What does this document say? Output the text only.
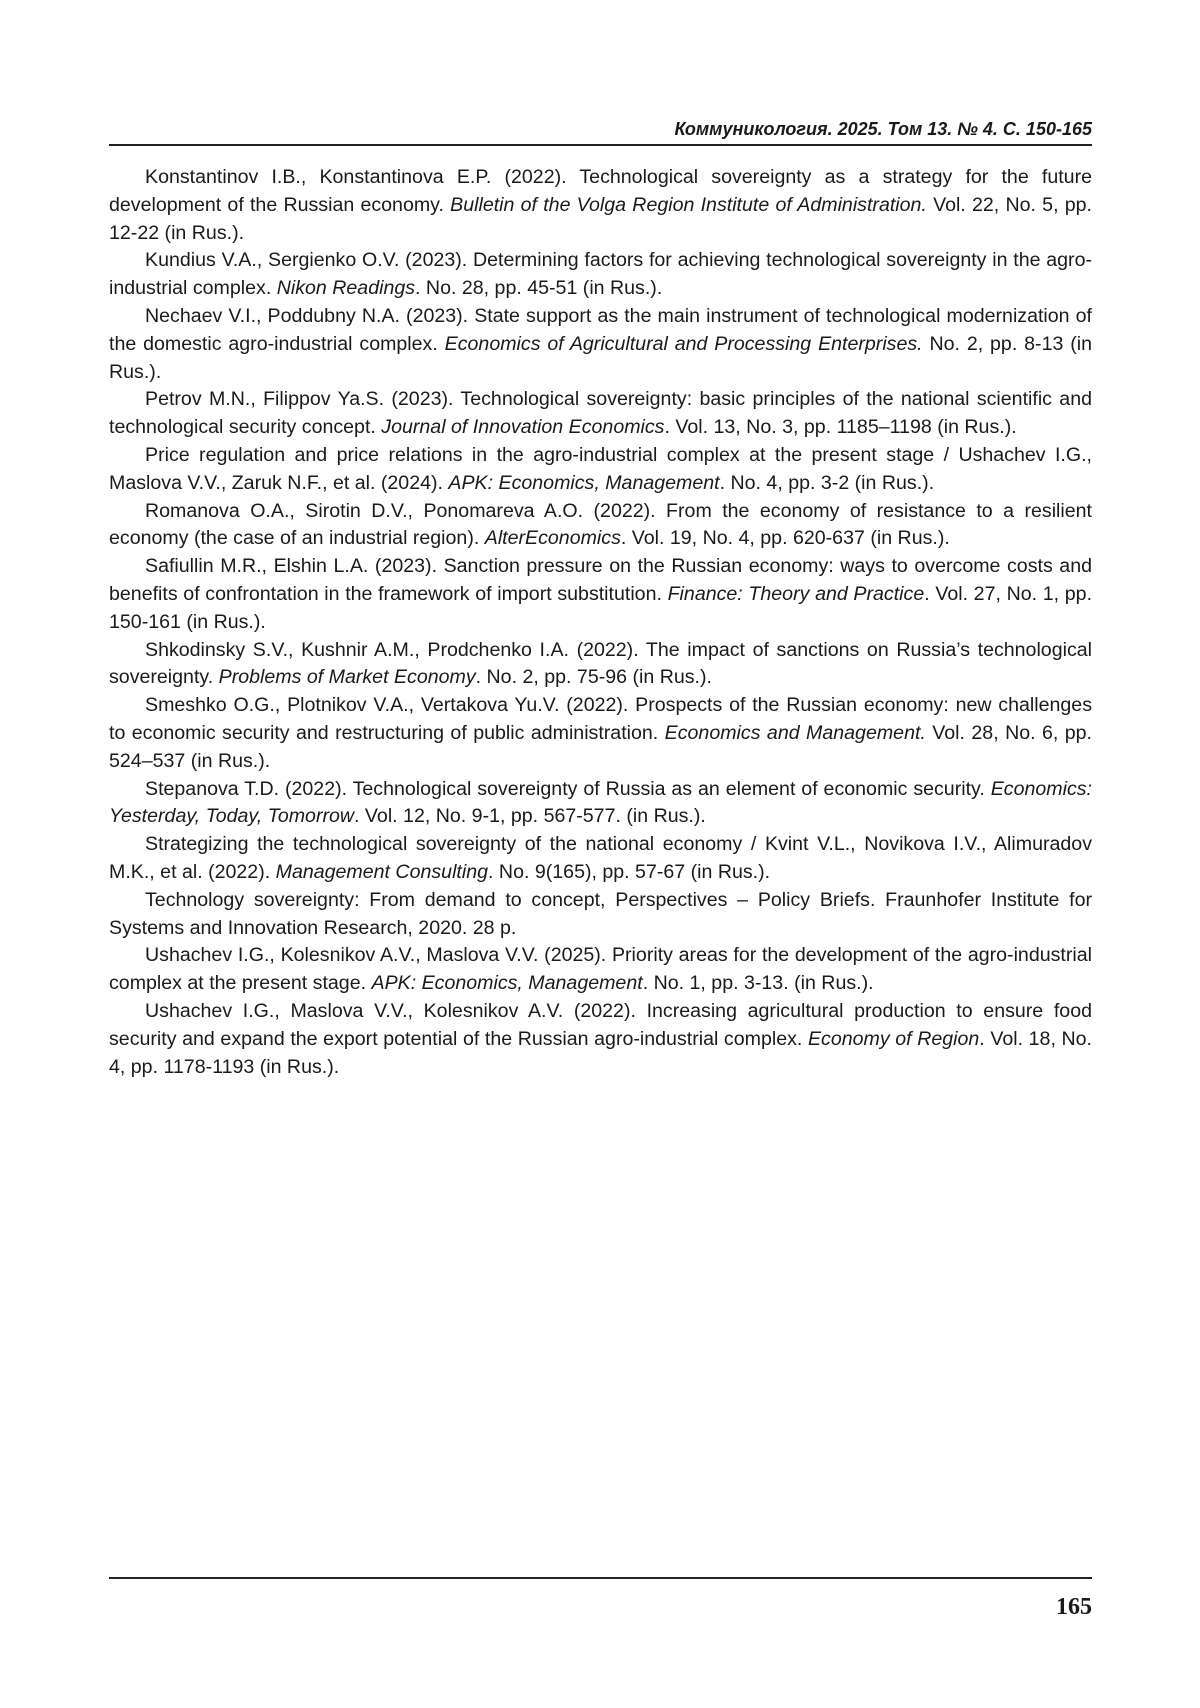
Коммуникология. 2025. Том 13. № 4. С. 150-165

Konstantinov I.B., Konstantinova E.P. (2022). Technological sovereignty as a strategy for the future development of the Russian economy. Bulletin of the Volga Region Institute of Administration. Vol. 22, No. 5, pp. 12-22 (in Rus.).

Kundius V.A., Sergienko O.V. (2023). Determining factors for achieving technological sovereignty in the agro-industrial complex. Nikon Readings. No. 28, pp. 45-51 (in Rus.).

Nechaev V.I., Poddubny N.A. (2023). State support as the main instrument of technological modernization of the domestic agro-industrial complex. Economics of Agricultural and Processing Enterprises. No. 2, pp. 8-13 (in Rus.).

Petrov M.N., Filippov Ya.S. (2023). Technological sovereignty: basic principles of the national scientific and technological security concept. Journal of Innovation Economics. Vol. 13, No. 3, pp. 1185–1198 (in Rus.).

Price regulation and price relations in the agro-industrial complex at the present stage / Ushachev I.G., Maslova V.V., Zaruk N.F., et al. (2024). APK: Economics, Management. No. 4, pp. 3-2 (in Rus.).

Romanova O.A., Sirotin D.V., Ponomareva A.O. (2022). From the economy of resistance to a resilient economy (the case of an industrial region). AlterEconomics. Vol. 19, No. 4, pp. 620-637 (in Rus.).

Safiullin M.R., Elshin L.A. (2023). Sanction pressure on the Russian economy: ways to overcome costs and benefits of confrontation in the framework of import substitution. Finance: Theory and Practice. Vol. 27, No. 1, pp. 150-161 (in Rus.).

Shkodinsky S.V., Kushnir A.M., Prodchenko I.A. (2022). The impact of sanctions on Russia’s technological sovereignty. Problems of Market Economy. No. 2, pp. 75-96 (in Rus.).

Smeshko O.G., Plotnikov V.A., Vertakova Yu.V. (2022). Prospects of the Russian economy: new challenges to economic security and restructuring of public administration. Economics and Management. Vol. 28, No. 6, pp. 524–537 (in Rus.).

Stepanova T.D. (2022). Technological sovereignty of Russia as an element of economic security. Economics: Yesterday, Today, Tomorrow. Vol. 12, No. 9-1, pp. 567-577. (in Rus.).

Strategizing the technological sovereignty of the national economy / Kvint V.L., Novikova I.V., Alimuradov M.K., et al. (2022). Management Consulting. No. 9(165), pp. 57-67 (in Rus.).

Technology sovereignty: From demand to concept, Perspectives – Policy Briefs. Fraunhofer Institute for Systems and Innovation Research, 2020. 28 p.

Ushachev I.G., Kolesnikov A.V., Maslova V.V. (2025). Priority areas for the development of the agro-industrial complex at the present stage. APK: Economics, Management. No. 1, pp. 3-13. (in Rus.).

Ushachev I.G., Maslova V.V., Kolesnikov A.V. (2022). Increasing agricultural production to ensure food security and expand the export potential of the Russian agro-industrial complex. Economy of Region. Vol. 18, No. 4, pp. 1178-1193 (in Rus.).

165
